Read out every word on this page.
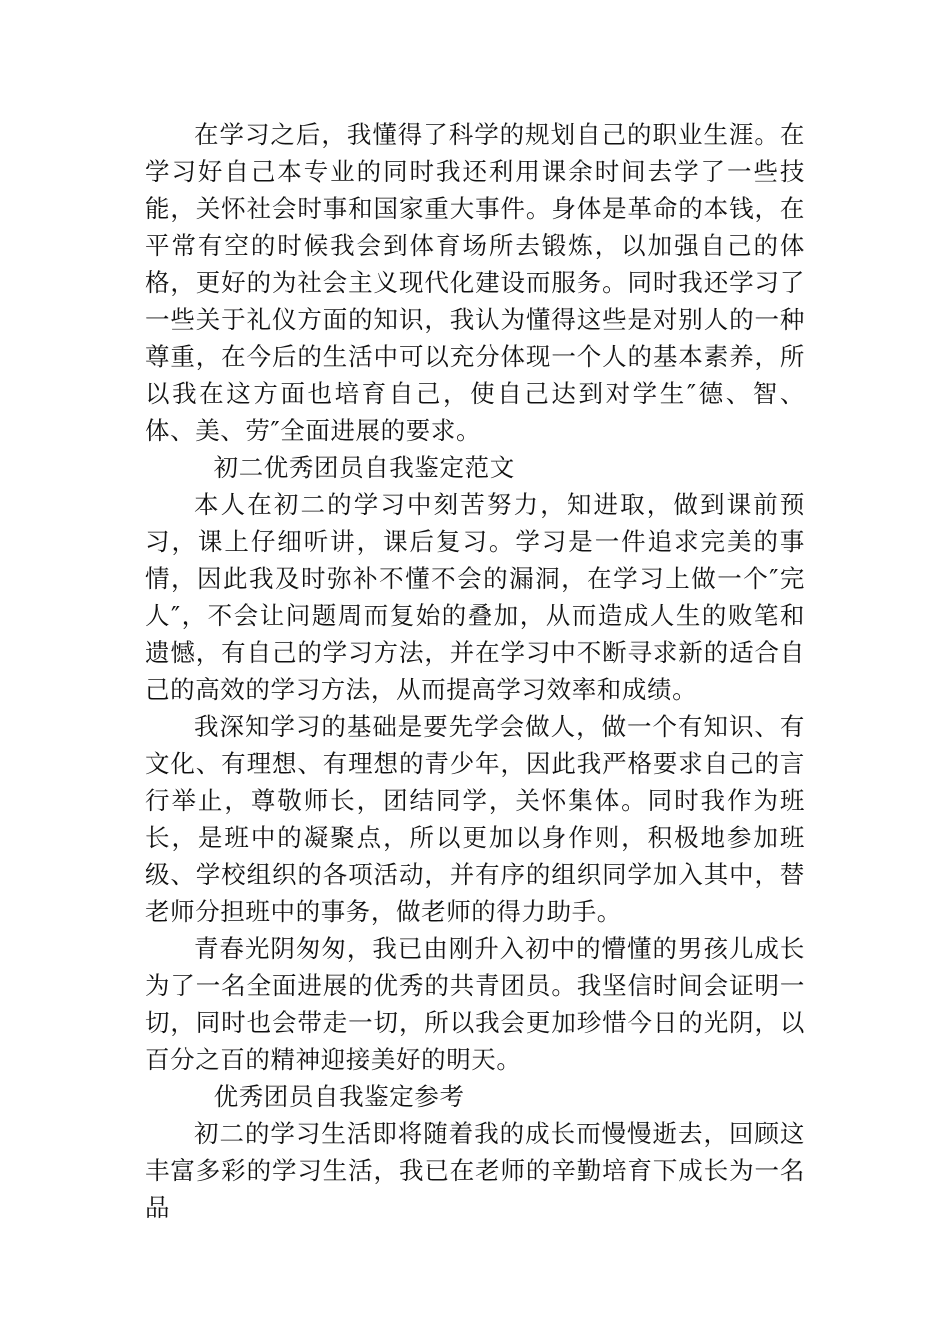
在学习之后，我懂得了科学的规划自己的职业生涯。在学习好自己本专业的同时我还利用课余时间去学了一些技能，关怀社会时事和国家重大事件。身体是革命的本钱，在平常有空的时候我会到体育场所去锻炼，以加强自己的体格，更好的为社会主义现代化建设而服务。同时我还学习了一些关于礼仪方面的知识，我认为懂得这些是对别人的一种尊重，在今后的生活中可以充分体现一个人的基本素养，所以我在这方面也培育自己，使自己达到对学生″德、智、体、美、劳″全面进展的要求。

初二优秀团员自我鉴定范文

本人在初二的学习中刻苦努力，知进取，做到课前预习，课上仔细听讲，课后复习。学习是一件追求完美的事情，因此我及时弥补不懂不会的漏洞，在学习上做一个″完人″，不会让问题周而复始的叠加，从而造成人生的败笔和遗憾，有自己的学习方法，并在学习中不断寻求新的适合自己的高效的学习方法，从而提高学习效率和成绩。

我深知学习的基础是要先学会做人，做一个有知识、有文化、有理想、有理想的青少年，因此我严格要求自己的言行举止，尊敬师长，团结同学，关怀集体。同时我作为班长，是班中的凝聚点，所以更加以身作则，积极地参加班级、学校组织的各项活动，并有序的组织同学加入其中，替老师分担班中的事务，做老师的得力助手。

青春光阴匆匆，我已由刚升入初中的懵懂的男孩儿成长为了一名全面进展的优秀的共青团员。我坚信时间会证明一切，同时也会带走一切，所以我会更加珍惜今日的光阴，以百分之百的精神迎接美好的明天。

优秀团员自我鉴定参考

初二的学习生活即将随着我的成长而慢慢逝去，回顾这丰富多彩的学习生活，我已在老师的辛勤培育下成长为一名品
